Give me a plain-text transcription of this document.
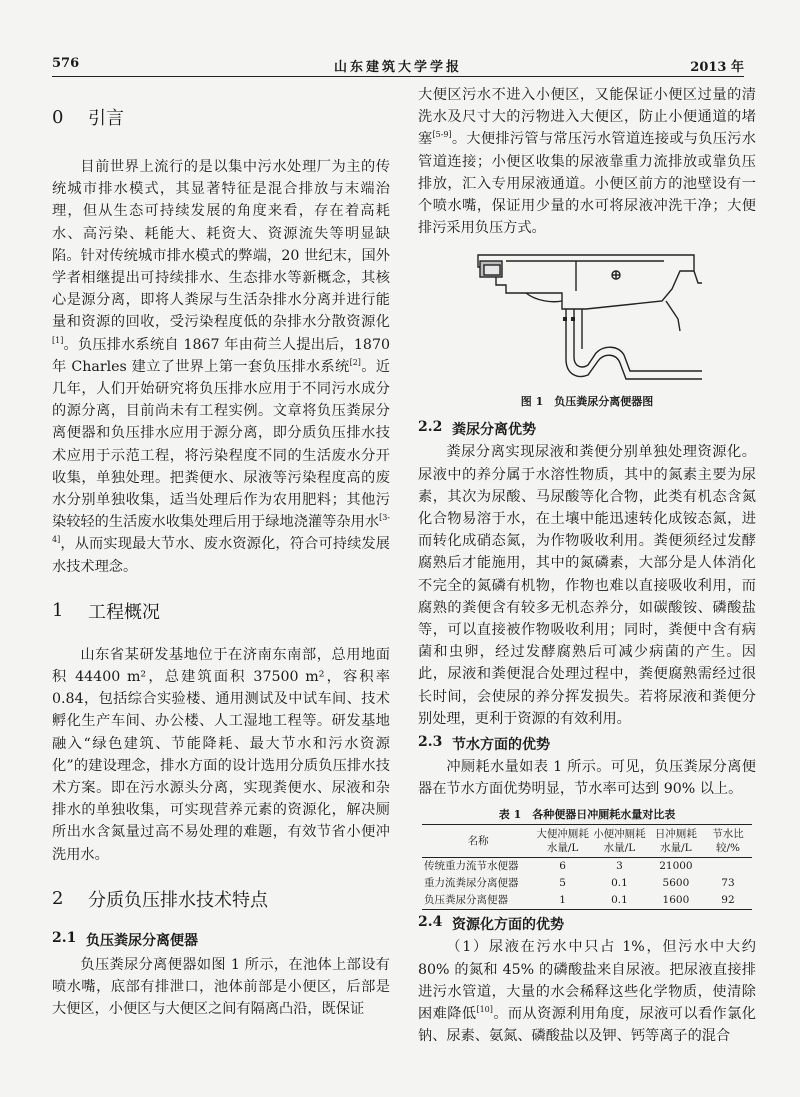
山东建筑大学学报
576	2013 年
0	引言

目前世界上流行的是以集中污水处理厂为主的传统城市排水模式，其显著特征是混合排放与末端治理，但从生态可持续发展的角度来看，存在着高耗水、高污染、耗能大、耗资大、资源流失等明显缺陷。针对传统城市排水模式的弊端，20 世纪末，国外学者相继提出可持续排水、生态排水等新概念，其核心是源分离，即将人粪尿与生活杂排水分离并进行能量和资源的回收，受污染程度低的杂排水分散资源化[1]。负压排水系统自 1867 年由荷兰人提出后，1870 年 Charles 建立了世界上第一套负压排水系统[2]。近几年，人们开始研究将负压排水应用于不同污水成分的源分离，目前尚未有工程实例。文章将负压粪尿分离便器和负压排水应用于源分离，即分质负压排水技术应用于示范工程，将污染程度不同的生活废水分开收集，单独处理。把粪便水、尿液等污染程度高的废水分别单独收集，适当处理后作为农用肥料；其他污染较轻的生活废水收集处理后用于绿地浇灌等杂用水[3-4]，从而实现最大节水、废水资源化，符合可持续发展水技术理念。

1	工程概况

山东省某研发基地位于在济南东南部，总用地面积 44400 m²，总建筑面积 37500 m²，容积率 0.84，包括综合实验楼、通用测试及中试车间、技术孵化生产车间、办公楼、人工湿地工程等。研发基地融入“绿色建筑、节能降耗、最大节水和污水资源化”的建设理念，排水方面的设计选用分质负压排水技术方案。即在污水源头分离，实现粪便水、尿液和杂排水的单独收集，可实现营养元素的资源化，解决厕所出水含氮量过高不易处理的难题，有效节省小便冲洗用水。

2	分质负压排水技术特点
2.1 负压粪尿分离便器

负压粪尿分离便器如图 1 所示，在池体上部设有喷水嘴，底部有排泄口，池体前部是小便区，后部是大便区，小便区与大便区之间有隔离凸沿，既保证

大便区污水不进入小便区，又能保证小便区过量的清洗水及尺寸大的污物进入大便区，防止小便通道的堵塞[5-9]。大便排污管与常压污水管道连接或与负压污水管道连接；小便区收集的尿液靠重力流排放或靠负压排放，汇入专用尿液通道。小便区前方的池壁设有一个喷水嘴，保证用少量的水可将尿液冲洗干净；大便排污采用负压方式。

图 1　负压粪尿分离便器图

2.2 粪尿分离优势

粪尿分离实现尿液和粪便分别单独处理资源化。尿液中的养分属于水溶性物质，其中的氮素主要为尿素，其次为尿酸、马尿酸等化合物，此类有机态含氮化合物易溶于水，在土壤中能迅速转化成铵态氮，进而转化成硝态氮，为作物吸收利用。粪便须经过发酵腐熟后才能施用，其中的氮磷素，大部分是人体消化不完全的氮磷有机物，作物也难以直接吸收利用，而腐熟的粪便含有较多无机态养分，如碳酸铵、磷酸盐等，可以直接被作物吸收利用；同时，粪便中含有病菌和虫卵，经过发酵腐熟后可减少病菌的产生。因此，尿液和粪便混合处理过程中，粪便腐熟需经过很长时间，会使尿的养分挥发损失。若将尿液和粪便分别处理，更利于资源的有效利用。

2.3 节水方面的优势

冲厕耗水量如表 1 所示。可见，负压粪尿分离便器在节水方面优势明显，节水率可达到 90% 以上。

表 1　各种便器日冲厕耗水量对比表

名称	大便冲厕耗水量/L	小便冲厕耗水量/L	日冲厕耗水量/L	节水比较/%
传统重力流节水便器	6	3	21000	
重力流粪尿分离便器	5	0.1	5600	73
负压粪尿分离便器	1	0.1	1600	92
2.4 资源化方面的优势

（1）尿液在污水中只占 1%，但污水中大约 80% 的氮和 45% 的磷酸盐来自尿液。把尿液直接排进污水管道，大量的水会稀释这些化学物质，使清除困难降低[10]。而从资源利用角度，尿液可以看作氯化钠、尿素、氨氮、磷酸盐以及钾、钙等离子的混合
